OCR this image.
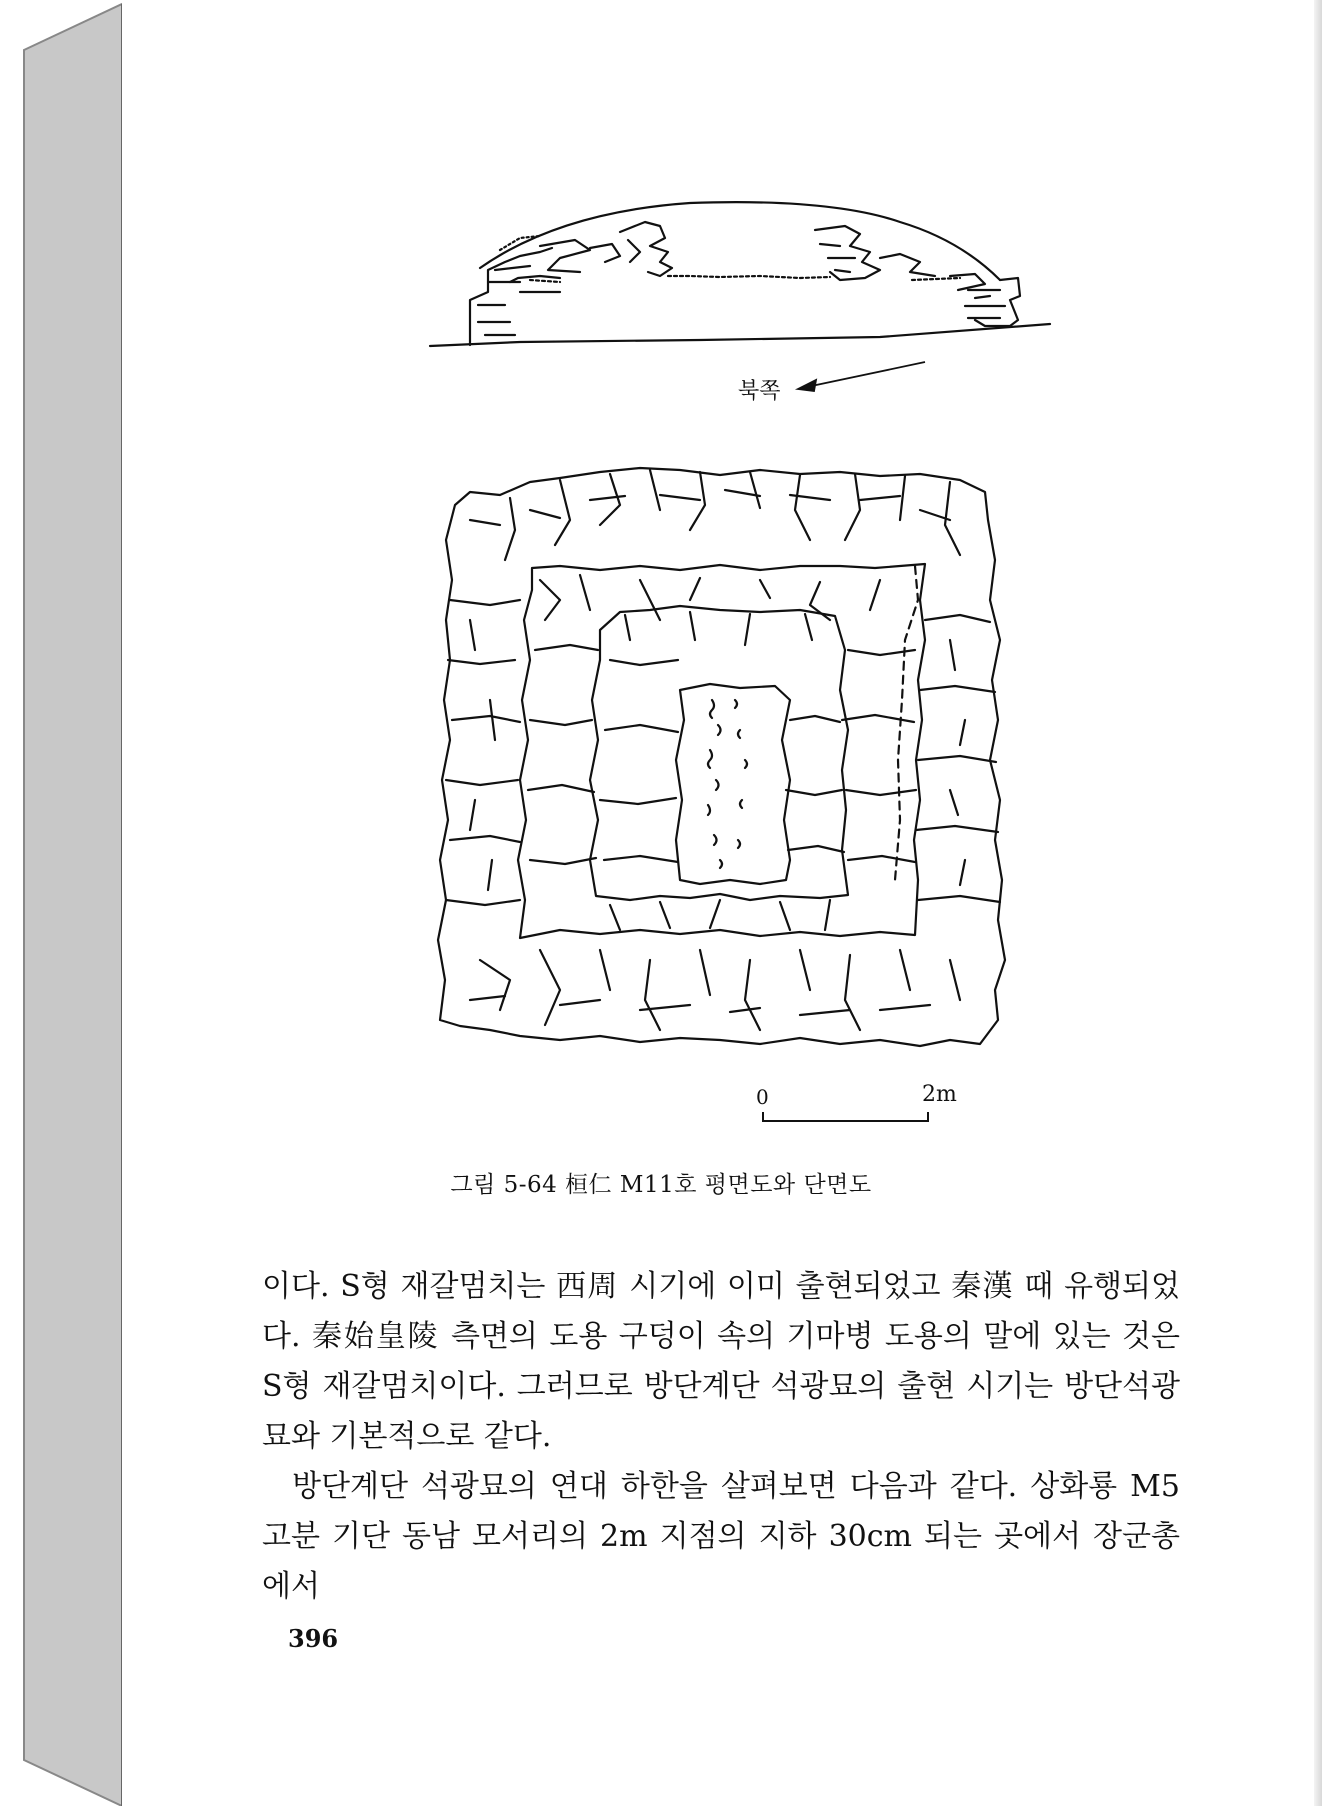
북쪽
0	2m
그림 5-64 桓仁 M11호 평면도와 단면도

이다. S형 재갈멈치는 西周 시기에 이미 출현되었고 秦漢 때 유행되었다. 秦始皇陵 측면의 도용 구덩이 속의 기마병 도용의 말에 있는 것은 S형 재갈멈치이다. 그러므로 방단계단 석광묘의 출현 시기는 방단석광묘와 기본적으로 같다.

방단계단 석광묘의 연대 하한을 살펴보면 다음과 같다. 상화룡 M5 고분 기단 동남 모서리의 2m 지점의 지하 30cm 되는 곳에서 장군총에서

396
